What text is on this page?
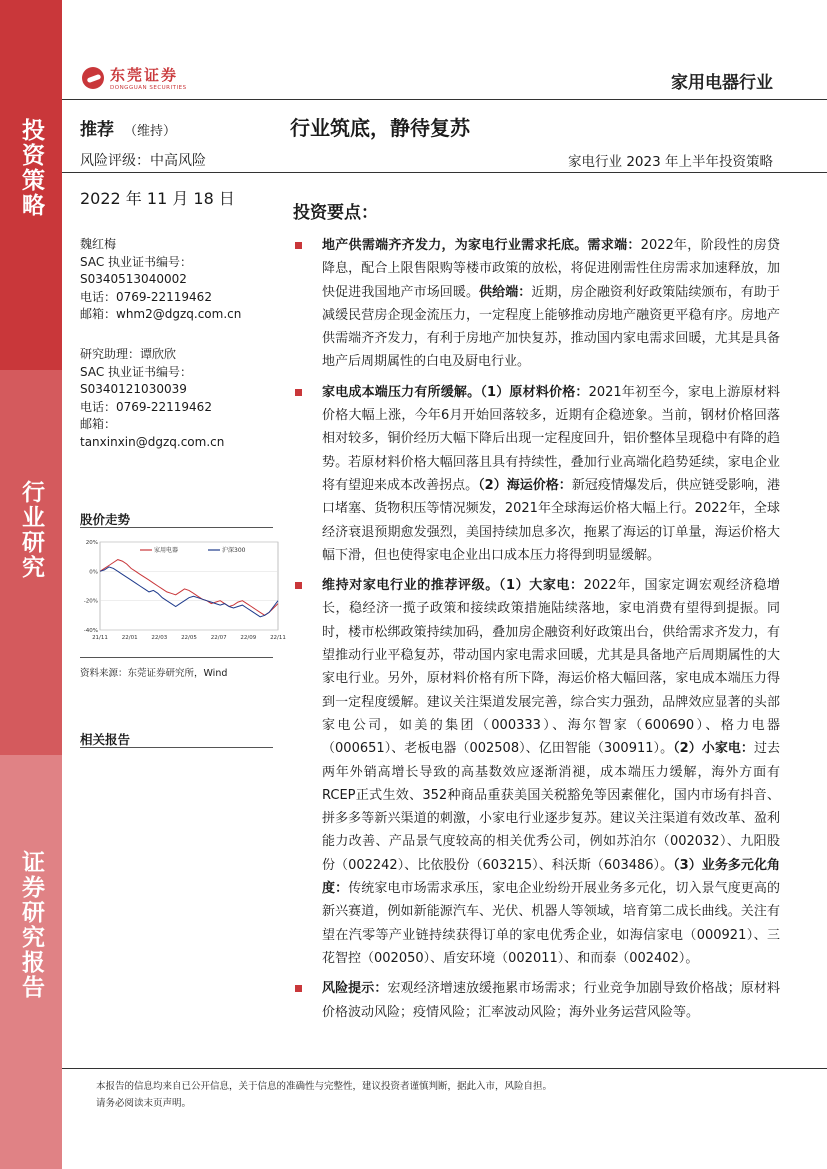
投资策略
行业研究
证券研究报告
东莞证券
DONGGUAN SECURITIES	家用电器行业
推荐 （维持）	行业筑底，静待复苏
风险评级：中高风险	家电行业 2023 年上半年投资策略
2022 年 11 月 18 日
魏红梅
SAC 执业证书编号：
S0340513040002
电话：0769-22119462
邮箱：whm2@dgzq.com.cn
研究助理：谭欣欣
SAC 执业证书编号：
S0340121030039
电话：0769-22119462
邮箱：
tanxinxin@dgzq.com.cn
股价走势
20%
0%
-20%
-40%
21/11	22/01	22/03	22/05	22/07	22/09	22/11
家用电器	沪深300
资料来源：东莞证券研究所，Wind
相关报告
投资要点：
地产供需端齐齐发力，为家电行业需求托底。需求端：2022年，阶段性的房贷降息，配合上限售限购等楼市政策的放松，将促进刚需性住房需求加速释放，加快促进我国地产市场回暖。供给端：近期，房企融资利好政策陆续颁布，有助于减缓民营房企现金流压力，一定程度上能够推动房地产融资更平稳有序。房地产供需端齐齐发力，有利于房地产加快复苏，推动国内家电需求回暖，尤其是具备地产后周期属性的白电及厨电行业。
家电成本端压力有所缓解。（1）原材料价格：2021年初至今，家电上游原材料价格大幅上涨，今年6月开始回落较多，近期有企稳迹象。当前，钢材价格回落相对较多，铜价经历大幅下降后出现一定程度回升，铝价整体呈现稳中有降的趋势。若原材料价格大幅回落且具有持续性，叠加行业高端化趋势延续，家电企业将有望迎来成本改善拐点。（2）海运价格：新冠疫情爆发后，供应链受影响，港口堵塞、货物积压等情况频发，2021年全球海运价格大幅上行。2022年，全球经济衰退预期愈发强烈，美国持续加息多次，拖累了海运的订单量，海运价格大幅下滑，但也使得家电企业出口成本压力将得到明显缓解。
维持对家电行业的推荐评级。（1）大家电：2022年，国家定调宏观经济稳增长，稳经济一揽子政策和接续政策措施陆续落地，家电消费有望得到提振。同时，楼市松绑政策持续加码，叠加房企融资利好政策出台，供给需求齐发力，有望推动行业平稳复苏，带动国内家电需求回暖，尤其是具备地产后周期属性的大家电行业。另外，原材料价格有所下降，海运价格大幅回落，家电成本端压力得到一定程度缓解。建议关注渠道发展完善，综合实力强劲，品牌效应显著的头部家电公司，如美的集团（000333）、海尔智家（600690）、格力电器（000651）、老板电器（002508）、亿田智能（300911）。（2）小家电：过去两年外销高增长导致的高基数效应逐渐消褪，成本端压力缓解，海外方面有RCEP正式生效、352种商品重获美国关税豁免等因素催化，国内市场有抖音、拼多多等新兴渠道的刺激，小家电行业逐步复苏。建议关注渠道有效改革、盈利能力改善、产品景气度较高的相关优秀公司，例如苏泊尔（002032）、九阳股份（002242）、比依股份（603215）、科沃斯（603486）。（3）业务多元化角度：传统家电市场需求承压，家电企业纷纷开展业务多元化，切入景气度更高的新兴赛道，例如新能源汽车、光伏、机器人等领域，培育第二成长曲线。关注有望在汽零等产业链持续获得订单的家电优秀企业，如海信家电（000921）、三花智控（002050）、盾安环境（002011）、和而泰（002402）。
风险提示：宏观经济增速放缓拖累市场需求；行业竞争加剧导致价格战；原材料价格波动风险；疫情风险；汇率波动风险；海外业务运营风险等。
本报告的信息均来自已公开信息，关于信息的准确性与完整性，建议投资者谨慎判断，据此入市，风险自担。
请务必阅读末页声明。
